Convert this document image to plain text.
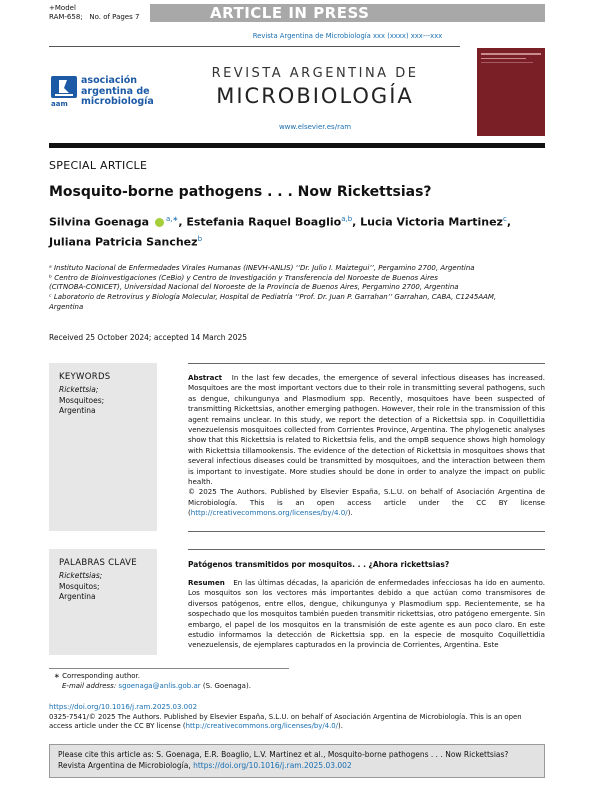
+Model
RAM-658; No. of Pages 7	ARTICLE IN PRESS
Revista Argentina de Microbiología xxx (xxxx) xxx---xxx
aam
asociación
argentina de
microbiología
REVISTA ARGENTINA DE
MICROBIOLOGÍA
www.elsevier.es/ram
SPECIAL ARTICLE
Mosquito-borne pathogens . . . Now Rickettsias?
Silvina Goenaga $^{a,∗}$, Estefania Raquel Boaglio$^{a,b}$, Lucia Victoria Martinez$^c$,
Juliana Patricia Sanchez$^b$
ᵃ Instituto Nacional de Enfermedades Virales Humanas (INEVH-ANLIS) ‘‘Dr. Julio I. Maiztegui’’, Pergamino 2700, Argentina
ᵇ Centro de Bioinvestigaciones (CeBio) y Centro de Investigación y Transferencia del Noroeste de Buenos Aires
(CITNOBA-CONICET), Universidad Nacional del Noroeste de la Provincia de Buenos Aires, Pergamino 2700, Argentina
ᶜ Laboratorio de Retrovirus y Biología Molecular, Hospital de Pediatría ‘‘Prof. Dr. Juan P. Garrahan’’ Garrahan, CABA, C1245AAM,
Argentina
Received 25 October 2024; accepted 14 March 2025
KEYWORDS
Rickettsia;
Mosquitoes;
Argentina
PALABRAS CLAVE
Rickettsias;
Mosquitos;
Argentina
Abstract In the last few decades, the emergence of several infectious diseases has increased. Mosquitoes are the most important vectors due to their role in transmitting several pathogens, such as dengue, chikungunya and Plasmodium spp. Recently, mosquitoes have been suspected of transmitting Rickettsias, another emerging pathogen. However, their role in the transmission of this agent remains unclear. In this study, we report the detection of a Rickettsia spp. in Coquillettidia venezuelensis mosquitoes collected from Corrientes Province, Argentina. The phylogenetic analyses show that this Rickettsia is related to Rickettsia felis, and the ompB sequence shows high homology with Rickettsia tillamookensis. The evidence of the detection of Rickettsia in mosquitoes shows that several infectious diseases could be transmitted by mosquitoes, and the interaction between them is important to investigate. More studies should be done in order to analyze the impact on public health.
© 2025 The Authors. Published by Elsevier España, S.L.U. on behalf of Asociación Argentina de Microbiología. This is an open access article under the CC BY license (http://creativecommons.org/licenses/by/4.0/).
Patógenos transmitidos por mosquitos. . . ¿Ahora rickettsias?
Resumen En las últimas décadas, la aparición de enfermedades infecciosas ha ido en aumento. Los mosquitos son los vectores más importantes debido a que actúan como transmisores de diversos patógenos, entre ellos, dengue, chikungunya y Plasmodium spp. Recientemente, se ha sospechado que los mosquitos también pueden transmitir rickettsias, otro patógeno emergente. Sin embargo, el papel de los mosquitos en la transmisión de este agente es aun poco claro. En este estudio informamos la detección de Rickettsia spp. en la especie de mosquito Coquillettidia venezuelensis, de ejemplares capturados en la provincia de Corrientes, Argentina. Este
∗ Corresponding author.
E-mail address: sgoenaga@anlis.gob.ar (S. Goenaga).
https://doi.org/10.1016/j.ram.2025.03.002
0325-7541/© 2025 The Authors. Published by Elsevier España, S.L.U. on behalf of Asociación Argentina de Microbiología. This is an open access article under the CC BY license (http://creativecommons.org/licenses/by/4.0/).
Please cite this article as: S. Goenaga, E.R. Boaglio, L.V. Martinez et al., Mosquito-borne pathogens . . . Now Rickettsias?
Revista Argentina de Microbiología, https://doi.org/10.1016/j.ram.2025.03.002
